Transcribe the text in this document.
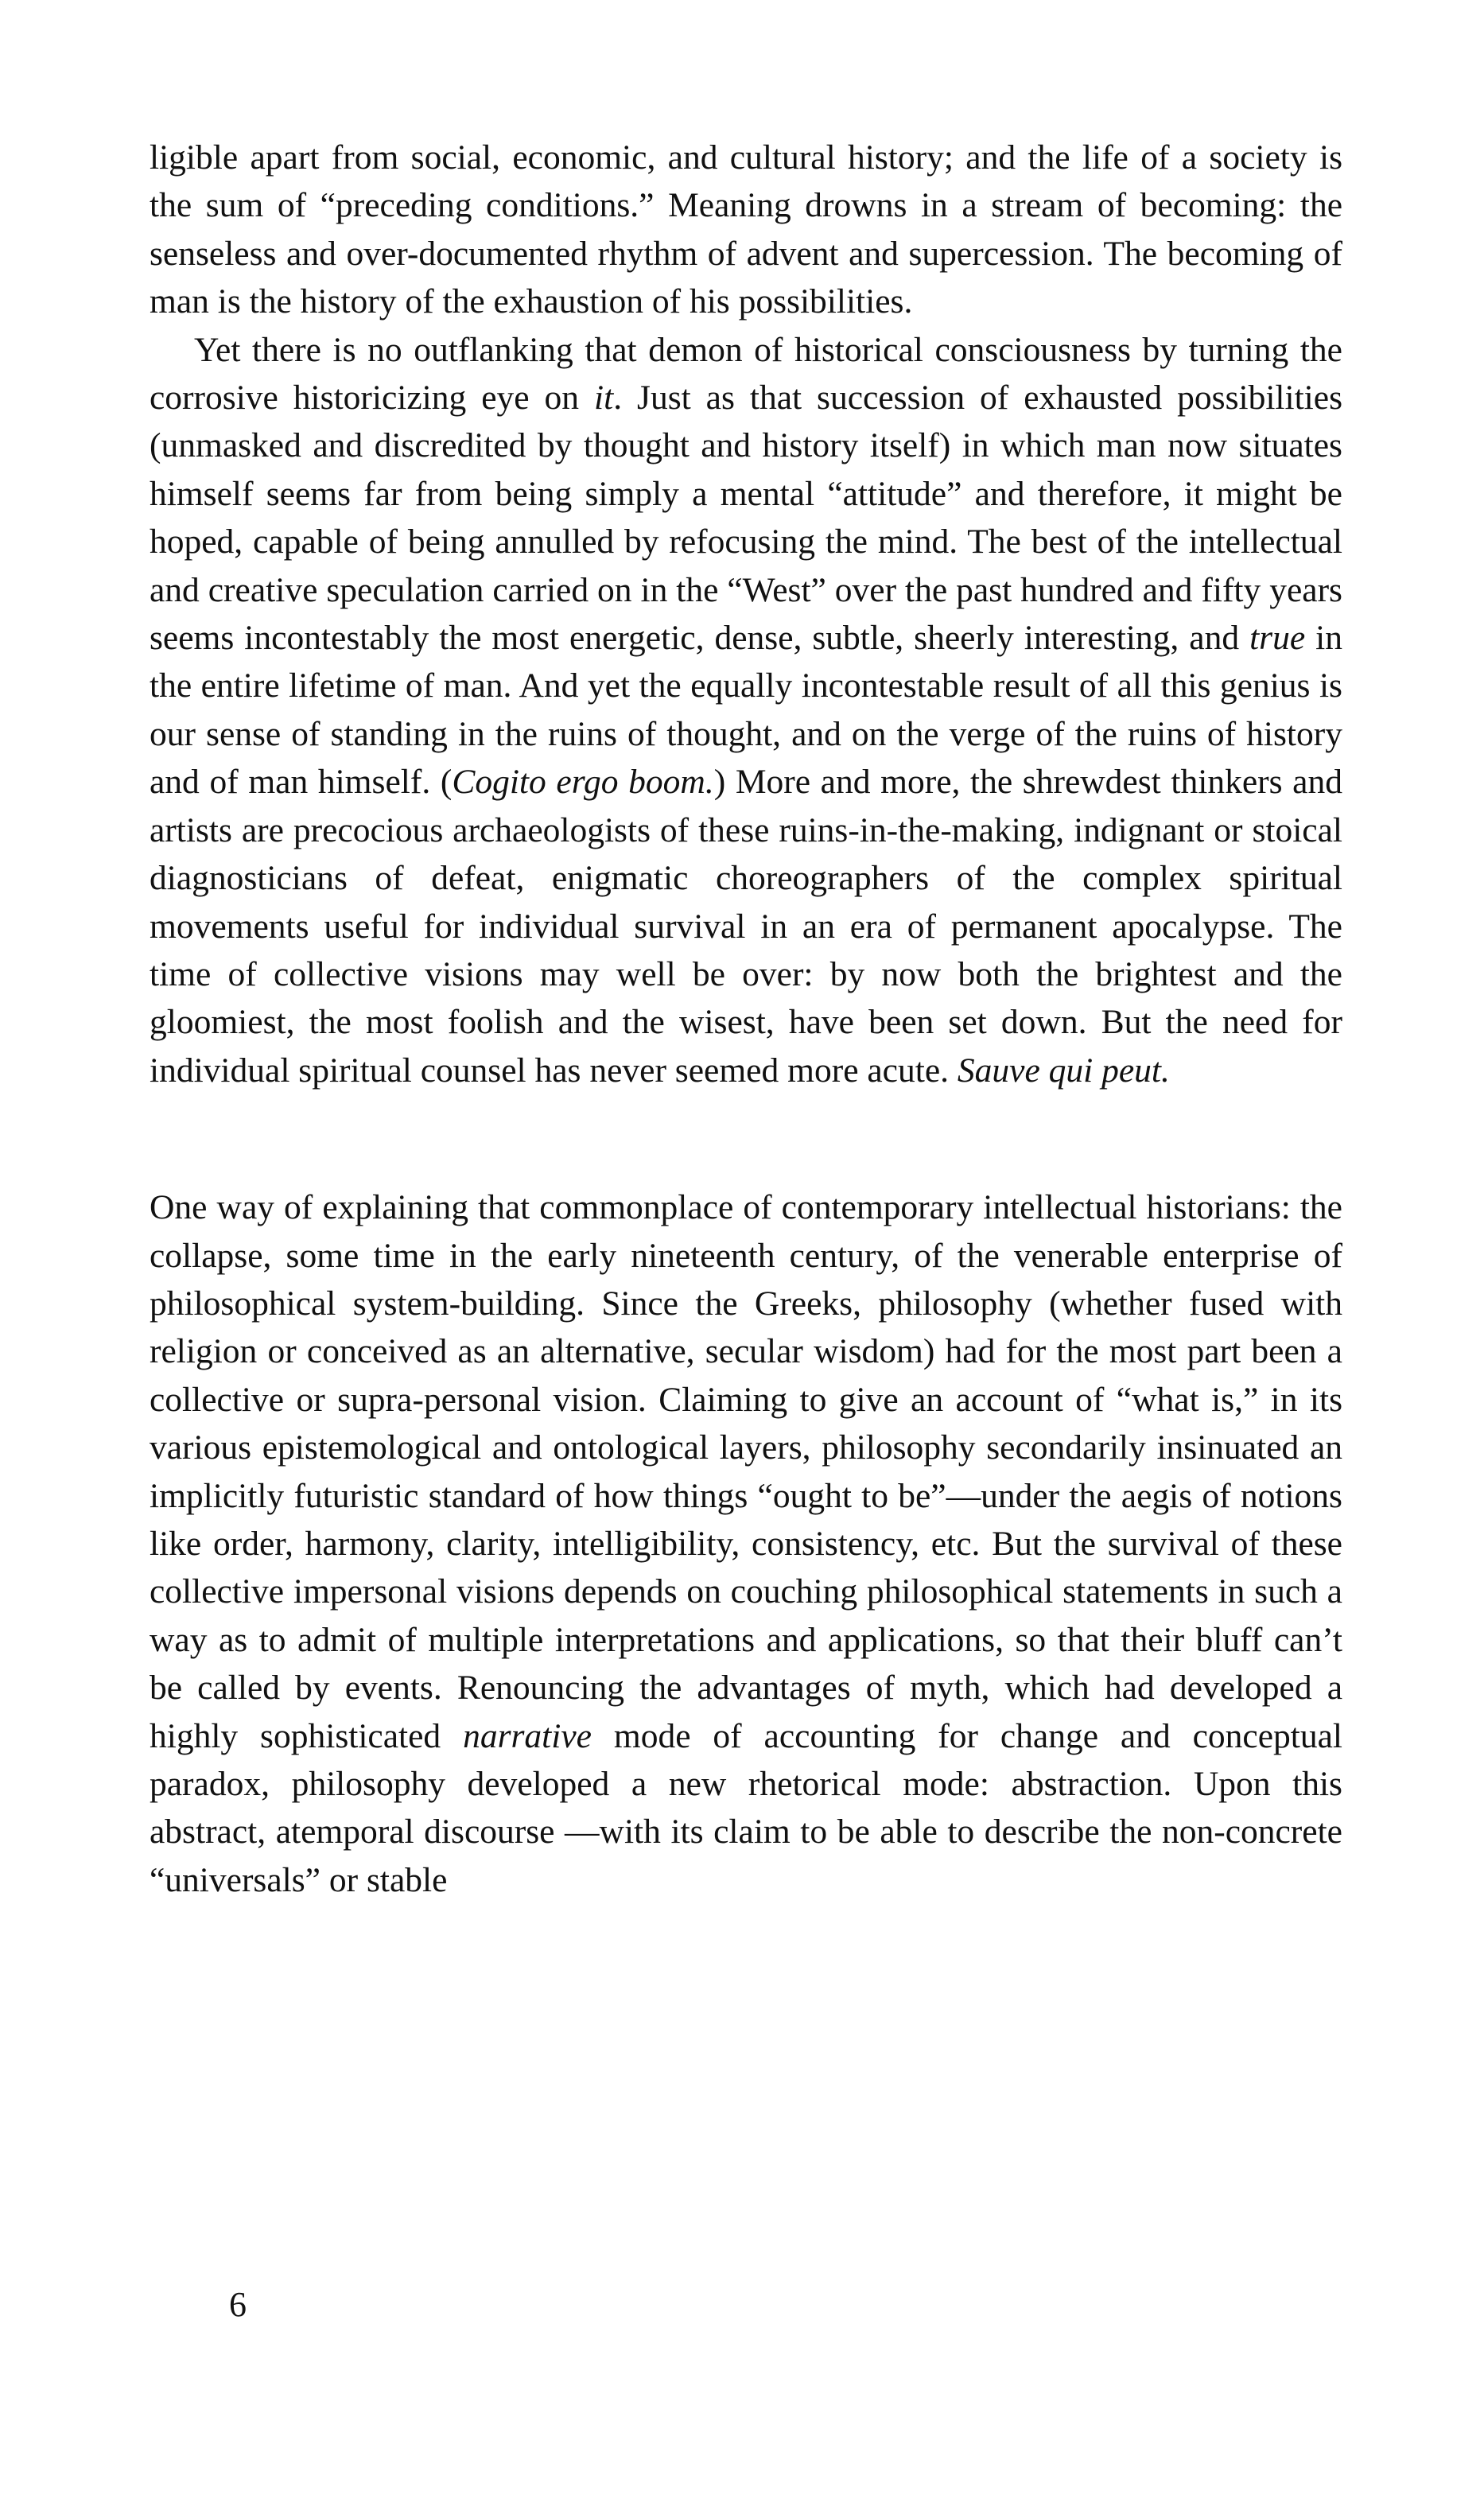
ligible apart from social, economic, and cultural history; and the life of a society is the sum of “preceding conditions.” Meaning drowns in a stream of becoming: the senseless and over-documented rhythm of advent and supercession. The becoming of man is the history of the exhaustion of his possibilities.

Yet there is no outflanking that demon of historical consciousness by turning the corrosive historicizing eye on it. Just as that succession of exhausted possibilities (unmasked and discredited by thought and history itself) in which man now situates himself seems far from being simply a mental “attitude” and therefore, it might be hoped, capable of being annulled by refocusing the mind. The best of the intellectual and creative speculation carried on in the “West” over the past hundred and fifty years seems incontestably the most energetic, dense, subtle, sheerly interesting, and true in the entire lifetime of man. And yet the equally incontestable result of all this genius is our sense of standing in the ruins of thought, and on the verge of the ruins of history and of man himself. (Cogito ergo boom.) More and more, the shrewdest thinkers and artists are precocious archaeologists of these ruins-in-the-making, indignant or stoical diagnosticians of defeat, enigmatic choreographers of the complex spiritual movements useful for individual survival in an era of permanent apocalypse. The time of collective visions may well be over: by now both the brightest and the gloomiest, the most foolish and the wisest, have been set down. But the need for individual spiritual counsel has never seemed more acute. Sauve qui peut.

One way of explaining that commonplace of contemporary intellectual historians: the collapse, some time in the early nineteenth century, of the venerable enterprise of philosophical system-building. Since the Greeks, philosophy (whether fused with religion or conceived as an alternative, secular wisdom) had for the most part been a collective or supra-personal vision. Claiming to give an account of “what is,” in its various epistemological and ontological layers, philosophy secondarily insinuated an implicitly futuristic standard of how things “ought to be”—under the aegis of notions like order, harmony, clarity, intelligibility, consistency, etc. But the survival of these collective impersonal visions depends on couching philosophical statements in such a way as to admit of multiple interpretations and applications, so that their bluff can’t be called by events. Renouncing the advantages of myth, which had developed a highly sophisticated narrative mode of accounting for change and conceptual paradox, philosophy developed a new rhetorical mode: abstraction. Upon this abstract, atemporal discourse —with its claim to be able to describe the non-concrete “universals” or stable

6
